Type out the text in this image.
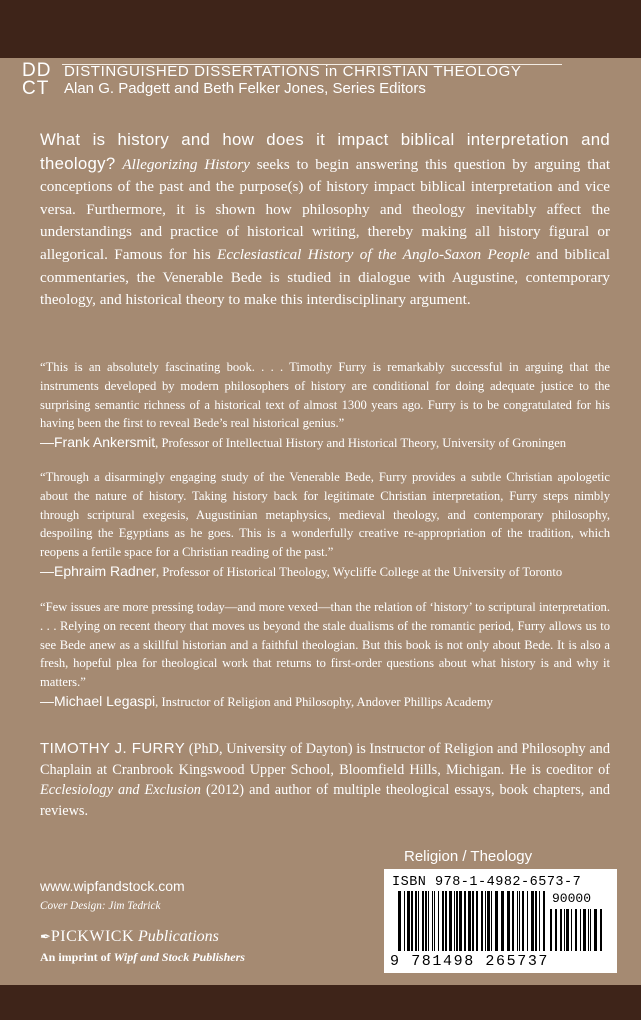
DD
CT
DISTINGUISHED DISSERTATIONS in CHRISTIAN THEOLOGY
Alan G. Padgett and Beth Felker Jones, Series Editors
What is history and how does it impact biblical interpretation and theology? Allegorizing History seeks to begin answering this question by arguing that conceptions of the past and the purpose(s) of history impact biblical interpretation and vice versa. Furthermore, it is shown how philosophy and theology inevitably affect the understandings and practice of historical writing, thereby making all history figural or allegorical. Famous for his Ecclesiastical History of the Anglo-Saxon People and biblical commentaries, the Venerable Bede is studied in dialogue with Augustine, contemporary theology, and historical theory to make this interdisciplinary argument.

“This is an absolutely fascinating book. . . . Timothy Furry is remarkably successful in arguing that the instruments developed by modern philosophers of history are conditional for doing adequate justice to the surprising semantic richness of a historical text of almost 1300 years ago. Furry is to be congratulated for his having been the first to reveal Bede’s real historical genius.”

—Frank Ankersmit, Professor of Intellectual History and Historical Theory, University of Groningen

“Through a disarmingly engaging study of the Venerable Bede, Furry provides a subtle Christian apologetic about the nature of history. Taking history back for legitimate Christian interpretation, Furry steps nimbly through scriptural exegesis, Augustinian metaphysics, medieval theology, and contemporary philosophy, despoiling the Egyptians as he goes. This is a wonderfully creative re-appropriation of the tradition, which reopens a fertile space for a Christian reading of the past.”

—Ephraim Radner, Professor of Historical Theology, Wycliffe College at the University of Toronto

“Few issues are more pressing today—and more vexed—than the relation of ‘history’ to scriptural interpretation. . . . Relying on recent theory that moves us beyond the stale dualisms of the romantic period, Furry allows us to see Bede anew as a skillful historian and a faithful theologian. But this book is not only about Bede. It is also a fresh, hopeful plea for theological work that returns to first-order questions about what history is and why it matters.”

—Michael Legaspi, Instructor of Religion and Philosophy, Andover Phillips Academy
TIMOTHY J. FURRY (PhD, University of Dayton) is Instructor of Religion and Philosophy and Chaplain at Cranbrook Kingswood Upper School, Bloomfield Hills, Michigan. He is coeditor of Ecclesiology and Exclusion (2012) and author of multiple theological essays, book chapters, and reviews.
Religion / Theology
ISBN 978-1-4982-6573-7
90000
9 781498 265737
www.wipfandstock.com
Cover Design: Jim Tedrick
✒PICKWICK Publications
An imprint of Wipf and Stock Publishers
